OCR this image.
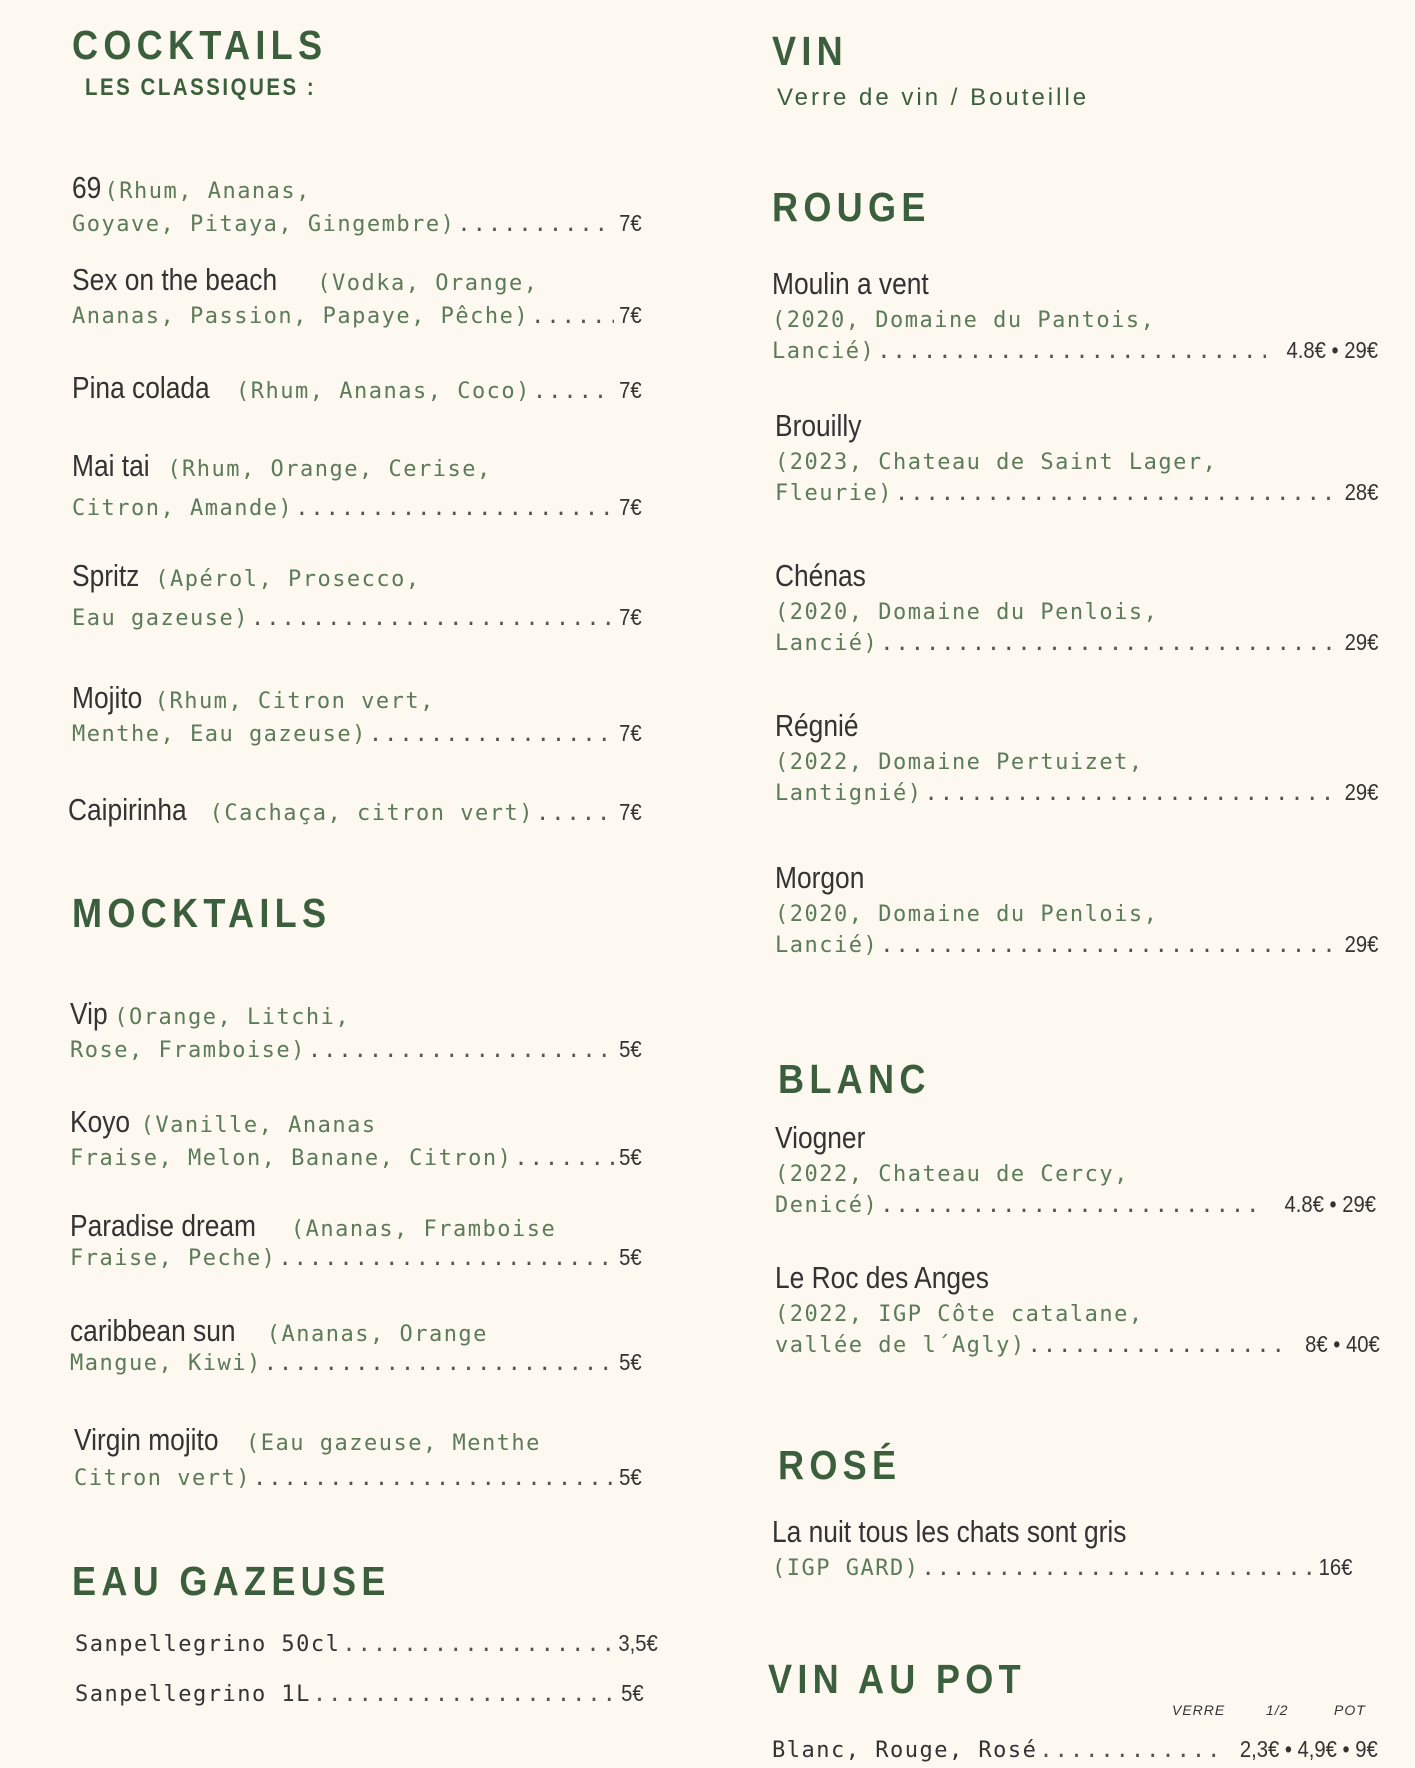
COCKTAILS
LES CLASSIQUES :
69 (Rhum, Ananas,
Goyave, Pitaya, Gingembre) .....	7€
Sex on the beach (Vodka, Orange,
Ananas, Passion, Papaye, Pêche) .....	7€
Pina colada (Rhum, Ananas, Coco) .....	7€
Mai tai (Rhum, Orange, Cerise,
Citron, Amande) .....	7€
Spritz (Apérol, Prosecco,
Eau gazeuse) .....	7€
Mojito (Rhum, Citron vert,
Menthe, Eau gazeuse) .....	7€
Caipirinha (Cachaça, citron vert) .....	7€
MOCKTAILS
Vip (Orange, Litchi,
Rose, Framboise) .....	5€
Koyo (Vanille, Ananas
Fraise, Melon, Banane, Citron) .....	5€
Paradise dream (Ananas, Framboise
Fraise, Peche) .....	5€
caribbean sun (Ananas, Orange
Mangue, Kiwi) .....	5€
Virgin mojito (Eau gazeuse, Menthe
Citron vert) .....	5€
EAU GAZEUSE
Sanpellegrino 50cl .....	3,5€
Sanpellegrino 1L .....	5€
VIN
Verre de vin / Bouteille
ROUGE
Moulin a vent
(2020, Domaine du Pantois,
Lancié) .....	4.8€ • 29€
Brouilly
(2023, Chateau de Saint Lager,
Fleurie) .....	28€
Chénas
(2020, Domaine du Penlois,
Lancié) .....	29€
Régnié
(2022, Domaine Pertuizet,
Lantignié) .....	29€
Morgon
(2020, Domaine du Penlois,
Lancié) .....	29€
BLANC
Viogner
(2022, Chateau de Cercy,
Denicé) .....	4.8€ • 29€
Le Roc des Anges
(2022, IGP Côte catalane,
vallée de l´Agly) .....	8€ • 40€
ROSÉ
La nuit tous les chats sont gris
(IGP GARD) .....	16€
VIN AU POT
VERRE	1/2	POT
Blanc, Rouge, Rosé .....	2,3€ • 4,9€ • 9€
